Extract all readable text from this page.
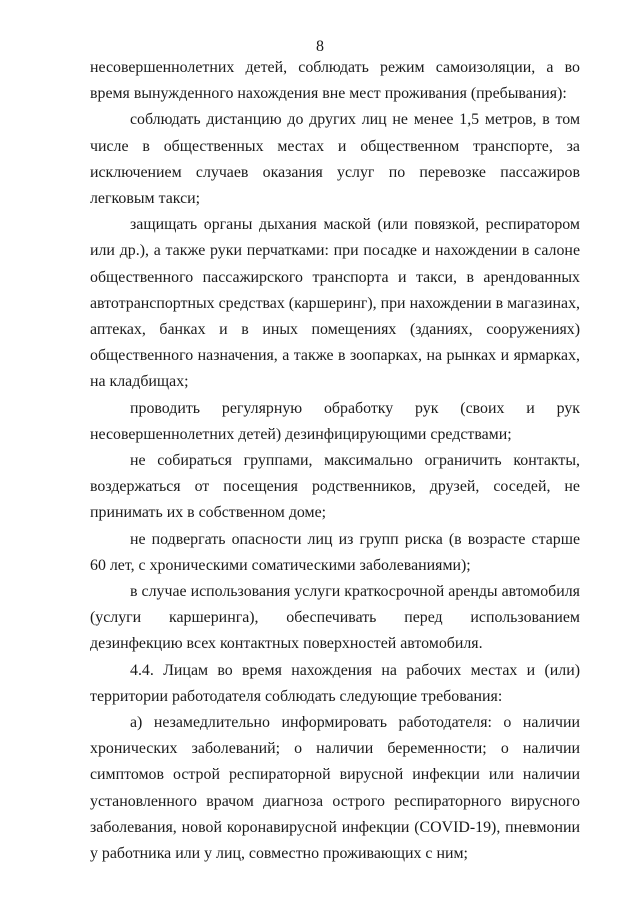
8

несовершеннолетних детей, соблюдать режим самоизоляции, а во время вынужденного нахождения вне мест проживания (пребывания):

соблюдать дистанцию до других лиц не менее 1,5 метров, в том числе в общественных местах и общественном транспорте, за исключением случаев оказания услуг по перевозке пассажиров легковым такси;

защищать органы дыхания маской (или повязкой, респиратором или др.), а также руки перчатками: при посадке и нахождении в салоне общественного пассажирского транспорта и такси, в арендованных автотранспортных средствах (каршеринг), при нахождении в магазинах, аптеках, банках и в иных помещениях (зданиях, сооружениях) общественного назначения, а также в зоопарках, на рынках и ярмарках, на кладбищах;

проводить регулярную обработку рук (своих и рук несовершеннолетних детей) дезинфицирующими средствами;

не собираться группами, максимально ограничить контакты, воздержаться от посещения родственников, друзей, соседей, не принимать их в собственном доме;

не подвергать опасности лиц из групп риска (в возрасте старше 60 лет, с хроническими соматическими заболеваниями);

в случае использования услуги краткосрочной аренды автомобиля (услуги каршеринга), обеспечивать перед использованием дезинфекцию всех контактных поверхностей автомобиля.

4.4. Лицам во время нахождения на рабочих местах и (или) территории работодателя соблюдать следующие требования:

а) незамедлительно информировать работодателя: о наличии хронических заболеваний; о наличии беременности; о наличии симптомов острой респираторной вирусной инфекции или наличии установленного врачом диагноза острого респираторного вирусного заболевания, новой коронавирусной инфекции (COVID-19), пневмонии у работника или у лиц, совместно проживающих с ним;
